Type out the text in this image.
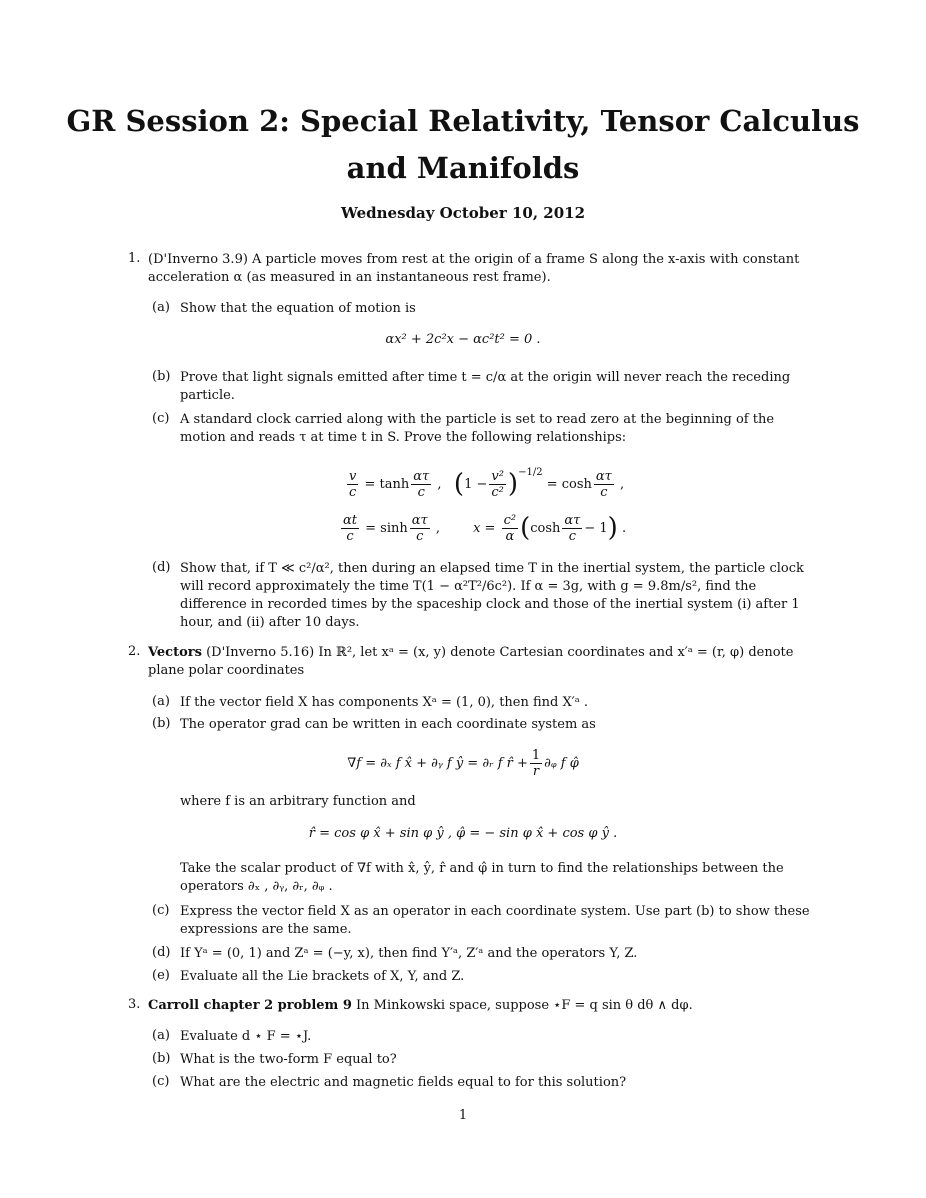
GR Session 2: Special Relativity, Tensor Calculus and Manifolds
Wednesday October 10, 2012
1. (D'Inverno 3.9) A particle moves from rest at the origin of a frame S along the x-axis with constant acceleration α (as measured in an instantaneous rest frame).
(a) Show that the equation of motion is
αx² + 2c²x − αc²t² = 0 .
(b) Prove that light signals emitted after time t = c/α at the origin will never reach the receding particle.
(c) A standard clock carried along with the particle is set to read zero at the beginning of the motion and reads τ at time t in S. Prove the following relationships:
$\frac{v}{c} = \tanh \frac{\alpha\tau}{c}$ , ( $1 - \frac{\text{v²}}{\text{c²}} )^{-1/2}$
= $\cosh \frac{\alpha\tau}{c}$ ,
$\frac{\alpha t}{c} = \sinh \frac{\alpha\tau}{c}$ , $x = \frac{\text{c²}}{\alpha}$ ( $\cosh \frac{\alpha\tau}{c} - 1$ ) .
(d) Show that, if T ≪ c²/α², then during an elapsed time T in the inertial system, the particle clock will record approximately the time T(1 − α²T²/6c²). If α = 3g, with g = 9.8m/s², find the difference in recorded times by the spaceship clock and those of the inertial system (i) after 1 hour, and (ii) after 10 days.
2. Vectors (D'Inverno 5.16) In ℝ², let xᵃ = (x, y) denote Cartesian coordinates and x′ᵃ = (r, φ) denote plane polar coordinates
(a) If the vector field X has components Xᵃ = (1, 0), then find X′ᵃ .
(b) The operator grad can be written in each coordinate system as
∇f = ∂ₓ f x̂ + ∂ᵧ f ŷ = ∂ᵣ f r̂ + $\frac{1}{r}$ ∂ᵩ f φ̂
where f is an arbitrary function and
r̂ = cos φ x̂ + sin φ ŷ , φ̂ = − sin φ x̂ + cos φ ŷ .
Take the scalar product of ∇f with x̂, ŷ, r̂ and φ̂ in turn to find the relationships between the operators ∂ₓ , ∂ᵧ, ∂ᵣ, ∂ᵩ .
(c) Express the vector field X as an operator in each coordinate system. Use part (b) to show these expressions are the same.
(d) If Yᵃ = (0, 1) and Zᵃ = (−y, x), then find Y′ᵃ, Z′ᵃ and the operators Y, Z.
(e) Evaluate all the Lie brackets of X, Y, and Z.
3. Carroll chapter 2 problem 9 In Minkowski space, suppose ⋆F = q sin θ dθ ∧ dφ.
(a) Evaluate d ⋆ F = ⋆J.
(b) What is the two-form F equal to?
(c) What are the electric and magnetic fields equal to for this solution?
1
